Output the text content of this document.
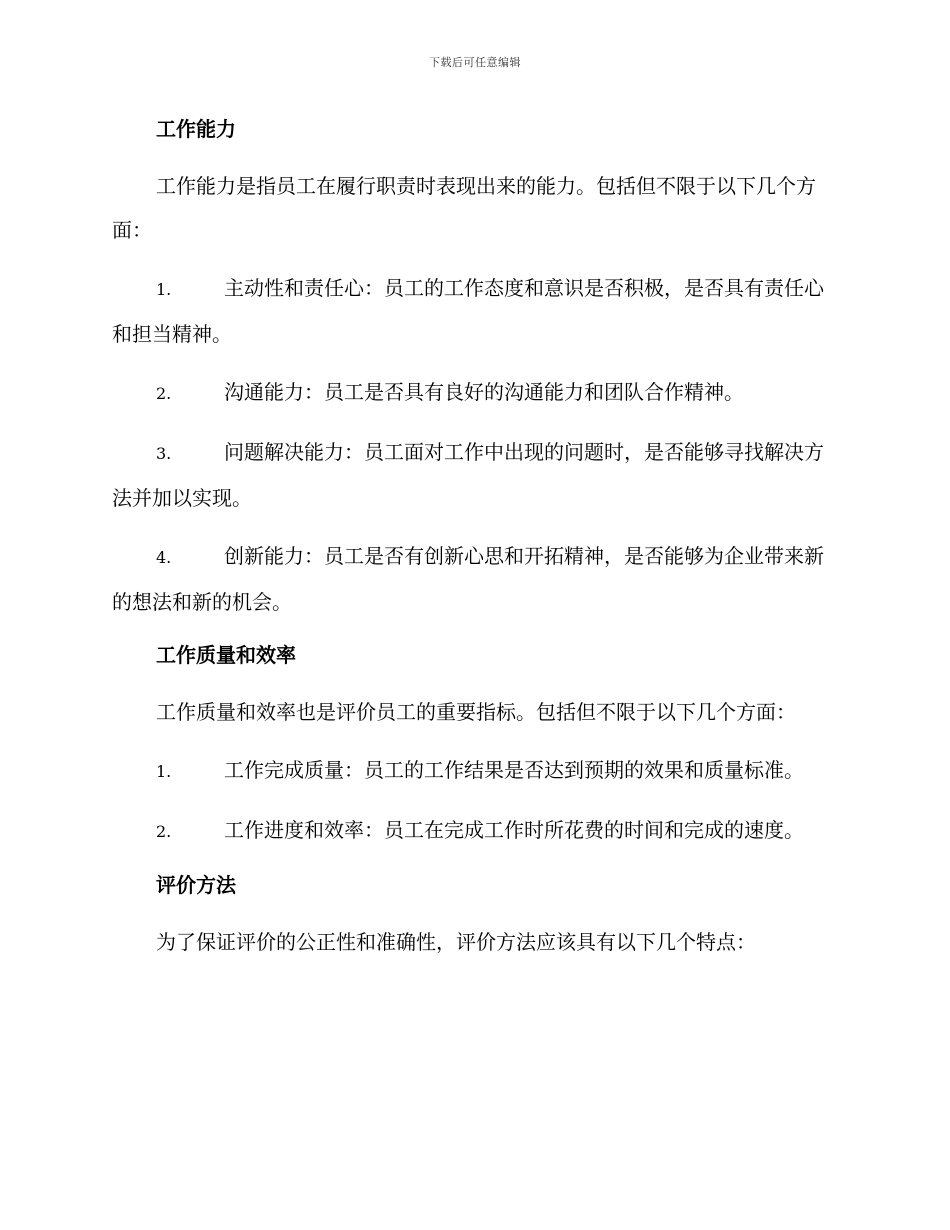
下载后可任意编辑
工作能力
工作能力是指员工在履行职责时表现出来的能力。包括但不限于以下几个方面：
1.	主动性和责任心：员工的工作态度和意识是否积极，是否具有责任心和担当精神。
2.	沟通能力：员工是否具有良好的沟通能力和团队合作精神。
3.	问题解决能力：员工面对工作中出现的问题时，是否能够寻找解决方法并加以实现。
4.	创新能力：员工是否有创新心思和开拓精神，是否能够为企业带来新的想法和新的机会。
工作质量和效率
工作质量和效率也是评价员工的重要指标。包括但不限于以下几个方面：
1.	工作完成质量：员工的工作结果是否达到预期的效果和质量标准。
2.	工作进度和效率：员工在完成工作时所花费的时间和完成的速度。
评价方法
为了保证评价的公正性和准确性，评价方法应该具有以下几个特点：
